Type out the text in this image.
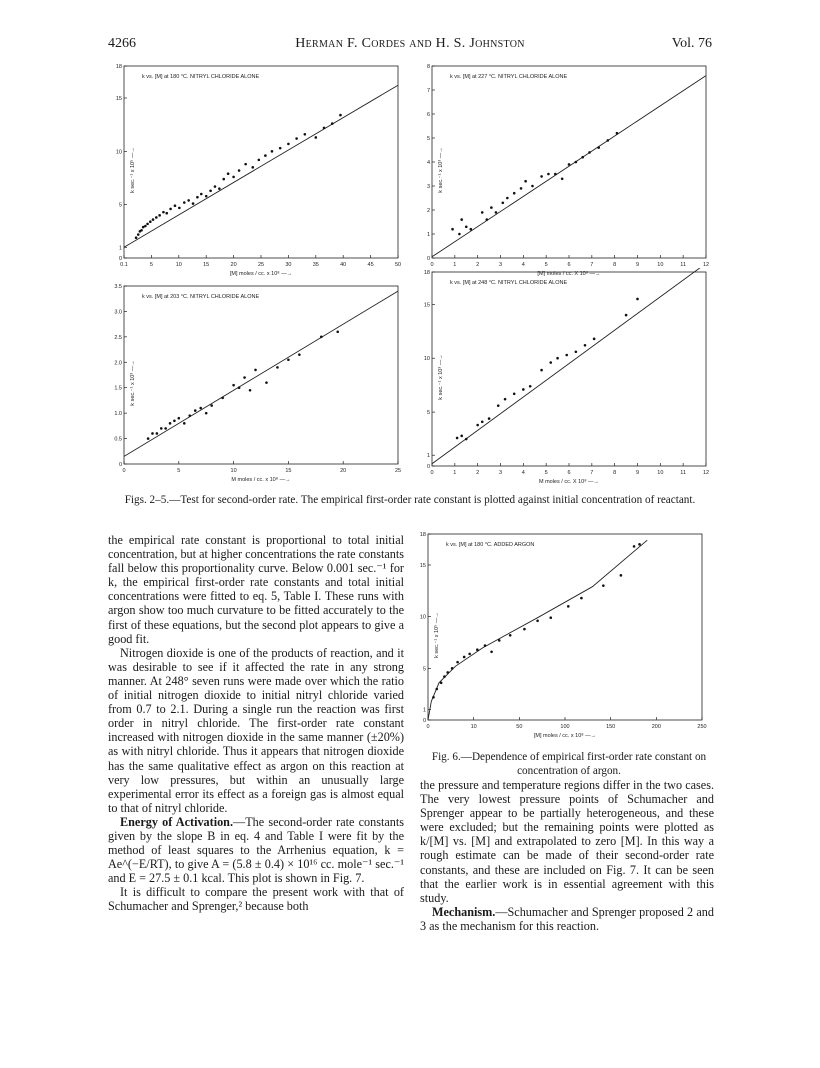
4266	Herman F. Cordes and H. S. Johnston	Vol. 76
0.1	5	10	15	20	25	30	35	40	45	50
0
1
5
10
15
18
k vs. [M] at 180 °C. NITRYL CHLORIDE ALONE
[M] moles / cc. x 10⁸ —→
k sec.⁻¹ x 10⁵ —→
0	1	2	3	4	5	6	7	8	9	10	11	12
0
1
2
3
4
5
6
7
8
k vs. [M] at 227 °C. NITRYL CHLORIDE ALONE
[M] moles / cc. X 10⁸ —→
k sec.⁻¹ x 10³ —→
0	5	10	15	20	25
0
0.5
1.0
1.5
2.0
2.5
3.0
3.5
k vs. [M] at 203 °C. NITRYL CHLORIDE ALONE
M moles / cc. x 10⁸ —→
k sec.⁻¹ x 10³ —→
0	1	2	3	4	5	6	7	8	9	10	11	12
0
1
5
10
15
18
k vs. [M] at 248 °C. NITRYL CHLORIDE ALONE
M moles / cc. X 10⁸ —→
k sec.⁻¹ x 10³ —→
Figs. 2–5.—Test for second-order rate. The empirical first-order rate constant is plotted against initial concentration of reactant.
0	10	50	100	150	200	250
0
1
5
10
15
18
k vs. [M] at 180 °C. ADDED ARGON
[M] moles / cc. x 10⁸ —→
k sec.⁻¹ x 10⁵ —→
Fig. 6.—Dependence of empirical first-order rate constant on concentration of argon.

the empirical rate constant is proportional to total initial concentration, but at higher concentrations the rate constants fall below this proportionality curve. Below 0.001 sec.⁻¹ for k, the empirical first-order rate constants and total initial concentrations were fitted to eq. 5, Table I. These runs with argon show too much curvature to be fitted accurately to the first of these equations, but the second plot appears to give a good fit.

Nitrogen dioxide is one of the products of reaction, and it was desirable to see if it affected the rate in any strong manner. At 248° seven runs were made over which the ratio of initial nitrogen dioxide to initial nitryl chloride varied from 0.7 to 2.1. During a single run the reaction was first order in nitryl chloride. The first-order rate constant increased with nitrogen dioxide in the same manner (±20%) as with nitryl chloride. Thus it appears that nitrogen dioxide has the same qualitative effect as argon on this reaction at very low pressures, but within an unusually large experimental error its effect as a foreign gas is almost equal to that of nitryl chloride.

Energy of Activation.—The second-order rate constants given by the slope B in eq. 4 and Table I were fit by the method of least squares to the Arrhenius equation, k = Ae^(−E/RT), to give A = (5.8 ± 0.4) × 10¹⁶ cc. mole⁻¹ sec.⁻¹ and E = 27.5 ± 0.1 kcal. This plot is shown in Fig. 7.

It is difficult to compare the present work with that of Schumacher and Sprenger,² because both

the pressure and temperature regions differ in the two cases. The very lowest pressure points of Schumacher and Sprenger appear to be partially heterogeneous, and these were excluded; but the remaining points were plotted as k/[M] vs. [M] and extrapolated to zero [M]. In this way a rough estimate can be made of their second-order rate constants, and these are included on Fig. 7. It can be seen that the earlier work is in essential agreement with this study.

Mechanism.—Schumacher and Sprenger proposed 2 and 3 as the mechanism for this reaction.
